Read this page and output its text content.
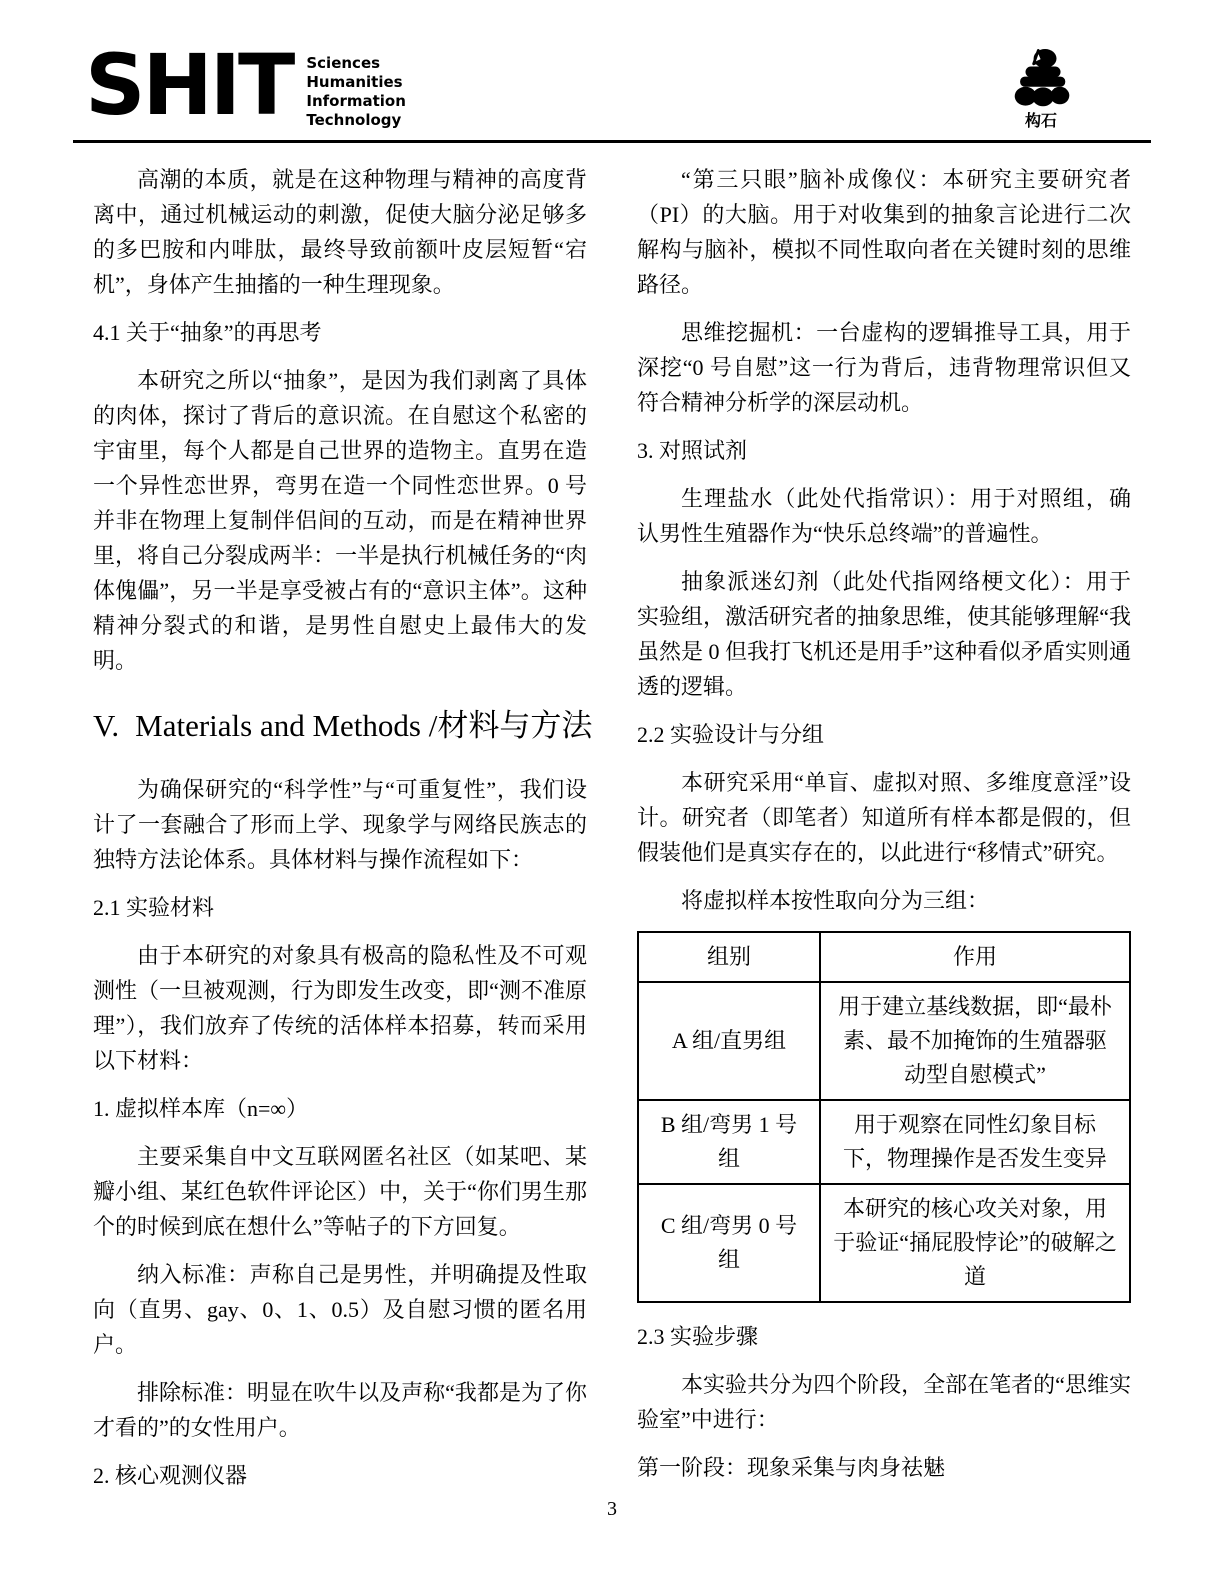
SHIT Sciences
Humanities
Information
Technology	构石

高潮的本质，就是在这种物理与精神的高度背离中，通过机械运动的刺激，促使大脑分泌足够多的多巴胺和内啡肽，最终导致前额叶皮层短暂“宕机”，身体产生抽搐的一种生理现象。

4.1 关于“抽象”的再思考

本研究之所以“抽象”，是因为我们剥离了具体的肉体，探讨了背后的意识流。在自慰这个私密的宇宙里，每个人都是自己世界的造物主。直男在造一个异性恋世界，弯男在造一个同性恋世界。0 号并非在物理上复制伴侣间的互动，而是在精神世界里，将自己分裂成两半：一半是执行机械任务的“肉体傀儡”，另一半是享受被占有的“意识主体”。这种精神分裂式的和谐，是男性自慰史上最伟大的发明。

V. Materials and Methods /材料与方法

为确保研究的“科学性”与“可重复性”，我们设计了一套融合了形而上学、现象学与网络民族志的独特方法论体系。具体材料与操作流程如下：

2.1 实验材料

由于本研究的对象具有极高的隐私性及不可观测性（一旦被观测，行为即发生改变，即“测不准原理”），我们放弃了传统的活体样本招募，转而采用以下材料：

1. 虚拟样本库（n=∞）

主要采集自中文互联网匿名社区（如某吧、某瓣小组、某红色软件评论区）中，关于“你们男生那个的时候到底在想什么”等帖子的下方回复。

纳入标准：声称自己是男性，并明确提及性取向（直男、gay、0、1、0.5）及自慰习惯的匿名用户。

排除标准：明显在吹牛以及声称“我都是为了你才看的”的女性用户。

2. 核心观测仪器

“第三只眼”脑补成像仪：本研究主要研究者（PI）的大脑。用于对收集到的抽象言论进行二次解构与脑补，模拟不同性取向者在关键时刻的思维路径。

思维挖掘机：一台虚构的逻辑推导工具，用于深挖“0 号自慰”这一行为背后，违背物理常识但又符合精神分析学的深层动机。

3. 对照试剂

生理盐水（此处代指常识）：用于对照组，确认男性生殖器作为“快乐总终端”的普遍性。

抽象派迷幻剂（此处代指网络梗文化）：用于实验组，激活研究者的抽象思维，使其能够理解“我虽然是 0 但我打飞机还是用手”这种看似矛盾实则通透的逻辑。

2.2 实验设计与分组

本研究采用“单盲、虚拟对照、多维度意淫”设计。研究者（即笔者）知道所有样本都是假的，但假装他们是真实存在的，以此进行“移情式”研究。

将虚拟样本按性取向分为三组：

组别	作用
A 组/直男组	用于建立基线数据，即“最朴素、最不加掩饰的生殖器驱动型自慰模式”
B 组/弯男 1 号组	用于观察在同性幻象目标下，物理操作是否发生变异
C 组/弯男 0 号组	本研究的核心攻关对象，用于验证“捅屁股悖论”的破解之道

2.3 实验步骤

本实验共分为四个阶段，全部在笔者的“思维实验室”中进行：

第一阶段：现象采集与肉身祛魅

3
